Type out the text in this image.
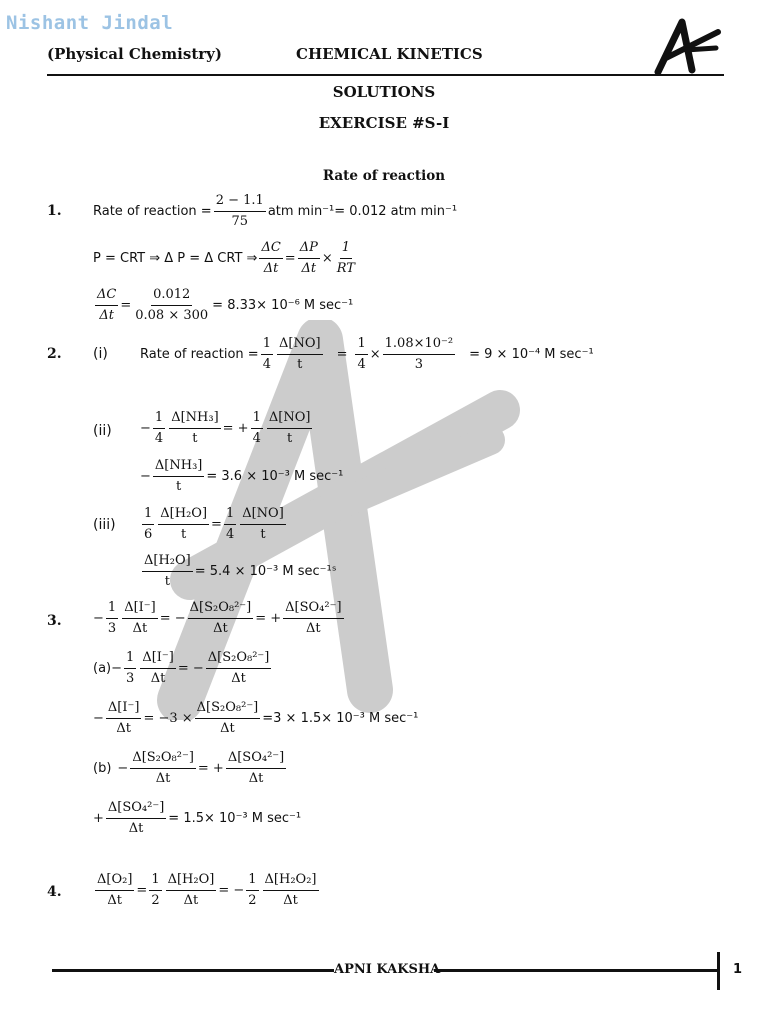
Nishant Jindal
(Physical Chemistry)	CHEMICAL KINETICS
SOLUTIONS
EXERCISE #S-I
Rate of reaction
1. Rate of reaction = $\frac{2 - 1.1}{75}$ atm min⁻¹= 0.012 atm min⁻¹
P = CRT ⇒ Δ P = Δ CRT ⇒ $\frac{\Delta C}{\Delta t} = \frac{\Delta P}{\Delta t} \times \frac{1}{RT}$
$\frac{\Delta C}{\Delta t} = \frac{0.012}{0.08 \times 300} = 8.33\times 10^{-6}$ M sec⁻¹
2. (i) Rate of reaction = $\frac{1}{4} \frac{\Delta[NO]}{t} = \frac{1}{4} \times \frac{\text{1.08×10⁻²}}{3} = 9 \times 10^{-4}$ M sec⁻¹
$(ii) - \frac{1}{4} \frac{\text{Δ[NH₃]}}{t}$ = + $\frac{1}{4} \frac{\Delta[NO]}{t}$
− $\frac{\text{Δ[NH₃]}}{t} = 3.6 \times 10^{-3}$ M sec⁻¹
$(iii) \frac{1}{6} \frac{\text{Δ[H₂O]}}{t} = \frac{1}{4} \frac{\Delta[NO]}{t}$
$\frac{\text{Δ[H₂O]}}{t} = 5.4 \times 10^{-3}$ M sec⁻¹ˢ
3. − $\frac{1}{3} \frac{\Delta[I^-]}{\Delta t}$ = − $\frac{\text{Δ[S₂O₈²⁻]}}{\Delta t}$ = + $\frac{\text{Δ[SO₄²⁻]}}{\Delta t}$
$(a) - \frac{1}{3} \frac{\Delta[I^-]}{\Delta t}$ = − $\frac{\text{Δ[S₂O₈²⁻]}}{\Delta t}$
− $\frac{\Delta[I^-]}{\Delta t} = -3 \times \frac{\text{Δ[S₂O₈²⁻]}}{\Delta t} =3 \times 1.5\times 10^{-3}$ M sec⁻¹
$(b) - \frac{\text{Δ[S₂O₈²⁻]}}{\Delta t}$ = + $\frac{\text{Δ[SO₄²⁻]}}{\Delta t}$
+ $\frac{\text{Δ[SO₄²⁻]}}{\Delta t} = 1.5\times 10^{-3}$ M sec⁻¹
4.	$\frac{\text{Δ[O₂]}}{\Delta t} = \frac{1}{2} \frac{\text{Δ[H₂O]}}{\Delta t}$ = − $\frac{1}{2} \frac{\text{Δ[H₂O₂]}}{\Delta t}$
APNI KAKSHA	1
